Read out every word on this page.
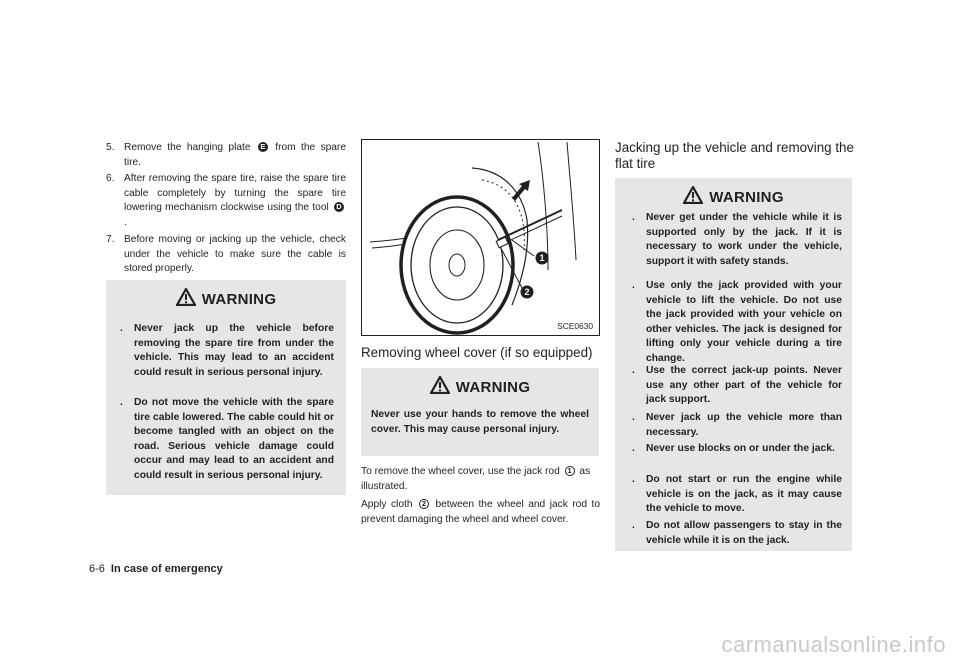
5. Remove the hanging plate E from the spare tire.
6. After removing the spare tire, raise the spare tire cable completely by turning the spare tire lowering mechanism clockwise using the tool D.
7. Before moving or jacking up the vehicle, check under the vehicle to make sure the cable is stored properly.
WARNING
. Never jack up the vehicle before removing the spare tire from under the vehicle. This may lead to an accident could result in serious personal injury.
. Do not move the vehicle with the spare tire cable lowered. The cable could hit or become tangled with an object on the road. Serious vehicle damage could occur and may lead to an accident and could result in serious personal injury.
1
2
SCE0630
Removing wheel cover (if so equipped)
WARNING
Never use your hands to remove the wheel cover. This may cause personal injury.
To remove the wheel cover, use the jack rod 1 as illustrated.
Apply cloth 2 between the wheel and jack rod to prevent damaging the wheel and wheel cover.
Jacking up the vehicle and removing the flat tire
WARNING
. Never get under the vehicle while it is supported only by the jack. If it is necessary to work under the vehicle, support it with safety stands.
. Use only the jack provided with your vehicle to lift the vehicle. Do not use the jack provided with your vehicle on other vehicles. The jack is designed for lifting only your vehicle during a tire change.
. Use the correct jack-up points. Never use any other part of the vehicle for jack support.
. Never jack up the vehicle more than necessary.
. Never use blocks on or under the jack.
. Do not start or run the engine while vehicle is on the jack, as it may cause the vehicle to move.
. Do not allow passengers to stay in the vehicle while it is on the jack.
6-6 In case of emergency
carmanualsonline.info
